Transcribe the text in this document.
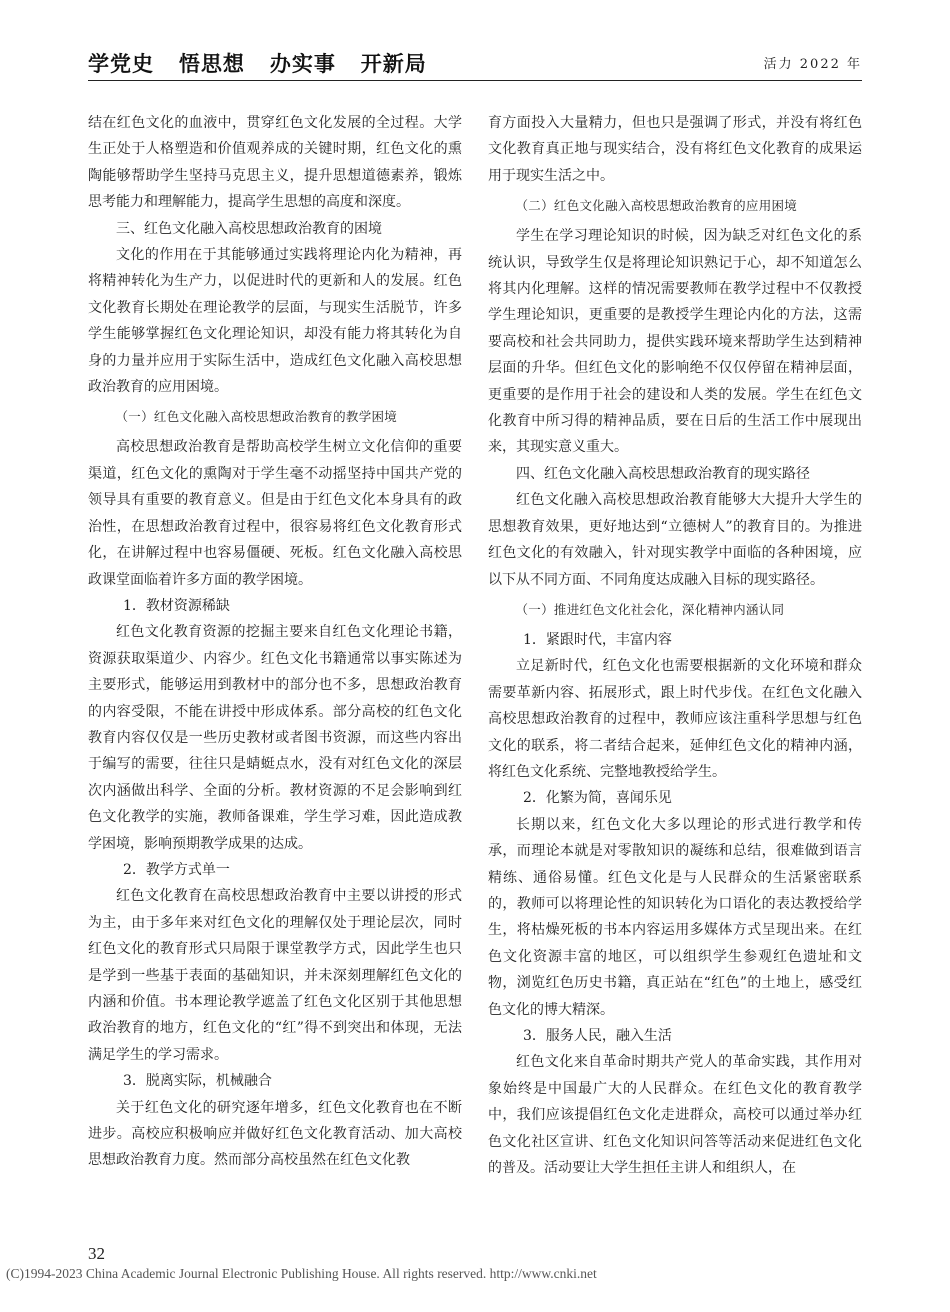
学党史   悟思想   办实事   开新局	活力 2022 年

结在红色文化的血液中，贯穿红色文化发展的全过程。大学生正处于人格塑造和价值观养成的关键时期，红色文化的熏陶能够帮助学生坚持马克思主义，提升思想道德素养，锻炼思考能力和理解能力，提高学生思想的高度和深度。

三、红色文化融入高校思想政治教育的困境

文化的作用在于其能够通过实践将理论内化为精神，再将精神转化为生产力，以促进时代的更新和人的发展。红色文化教育长期处在理论教学的层面，与现实生活脱节，许多学生能够掌握红色文化理论知识，却没有能力将其转化为自身的力量并应用于实际生活中，造成红色文化融入高校思想政治教育的应用困境。

（一）红色文化融入高校思想政治教育的教学困境

高校思想政治教育是帮助高校学生树立文化信仰的重要渠道，红色文化的熏陶对于学生毫不动摇坚持中国共产党的领导具有重要的教育意义。但是由于红色文化本身具有的政治性，在思想政治教育过程中，很容易将红色文化教育形式化，在讲解过程中也容易僵硬、死板。红色文化融入高校思政课堂面临着许多方面的教学困境。

1．教材资源稀缺

红色文化教育资源的挖掘主要来自红色文化理论书籍，资源获取渠道少、内容少。红色文化书籍通常以事实陈述为主要形式，能够运用到教材中的部分也不多，思想政治教育的内容受限，不能在讲授中形成体系。部分高校的红色文化教育内容仅仅是一些历史教材或者图书资源，而这些内容出于编写的需要，往往只是蜻蜓点水，没有对红色文化的深层次内涵做出科学、全面的分析。教材资源的不足会影响到红色文化教学的实施，教师备课难，学生学习难，因此造成教学困境，影响预期教学成果的达成。

2．教学方式单一

红色文化教育在高校思想政治教育中主要以讲授的形式为主，由于多年来对红色文化的理解仅处于理论层次，同时红色文化的教育形式只局限于课堂教学方式，因此学生也只是学到一些基于表面的基础知识，并未深刻理解红色文化的内涵和价值。书本理论教学遮盖了红色文化区别于其他思想政治教育的地方，红色文化的“红”得不到突出和体现，无法满足学生的学习需求。

3．脱离实际，机械融合

关于红色文化的研究逐年增多，红色文化教育也在不断进步。高校应积极响应并做好红色文化教育活动、加大高校思想政治教育力度。然而部分高校虽然在红色文化教

育方面投入大量精力，但也只是强调了形式，并没有将红色文化教育真正地与现实结合，没有将红色文化教育的成果运用于现实生活之中。

（二）红色文化融入高校思想政治教育的应用困境

学生在学习理论知识的时候，因为缺乏对红色文化的系统认识，导致学生仅是将理论知识熟记于心，却不知道怎么将其内化理解。这样的情况需要教师在教学过程中不仅教授学生理论知识，更重要的是教授学生理论内化的方法，这需要高校和社会共同助力，提供实践环境来帮助学生达到精神层面的升华。但红色文化的影响绝不仅仅停留在精神层面，更重要的是作用于社会的建设和人类的发展。学生在红色文化教育中所习得的精神品质，要在日后的生活工作中展现出来，其现实意义重大。

四、红色文化融入高校思想政治教育的现实路径

红色文化融入高校思想政治教育能够大大提升大学生的思想教育效果，更好地达到“立德树人”的教育目的。为推进红色文化的有效融入，针对现实教学中面临的各种困境，应以下从不同方面、不同角度达成融入目标的现实路径。

（一）推进红色文化社会化，深化精神内涵认同

1．紧跟时代，丰富内容

立足新时代，红色文化也需要根据新的文化环境和群众需要革新内容、拓展形式，跟上时代步伐。在红色文化融入高校思想政治教育的过程中，教师应该注重科学思想与红色文化的联系，将二者结合起来，延伸红色文化的精神内涵，将红色文化系统、完整地教授给学生。

2．化繁为简，喜闻乐见

长期以来，红色文化大多以理论的形式进行教学和传承，而理论本就是对零散知识的凝练和总结，很难做到语言精练、通俗易懂。红色文化是与人民群众的生活紧密联系的，教师可以将理论性的知识转化为口语化的表达教授给学生，将枯燥死板的书本内容运用多媒体方式呈现出来。在红色文化资源丰富的地区，可以组织学生参观红色遗址和文物，浏览红色历史书籍，真正站在“红色”的土地上，感受红色文化的博大精深。

3．服务人民，融入生活

红色文化来自革命时期共产党人的革命实践，其作用对象始终是中国最广大的人民群众。在红色文化的教育教学中，我们应该提倡红色文化走进群众，高校可以通过举办红色文化社区宣讲、红色文化知识问答等活动来促进红色文化的普及。活动要让大学生担任主讲人和组织人，在

32
(C)1994-2023 China Academic Journal Electronic Publishing House. All rights reserved. http://www.cnki.net
